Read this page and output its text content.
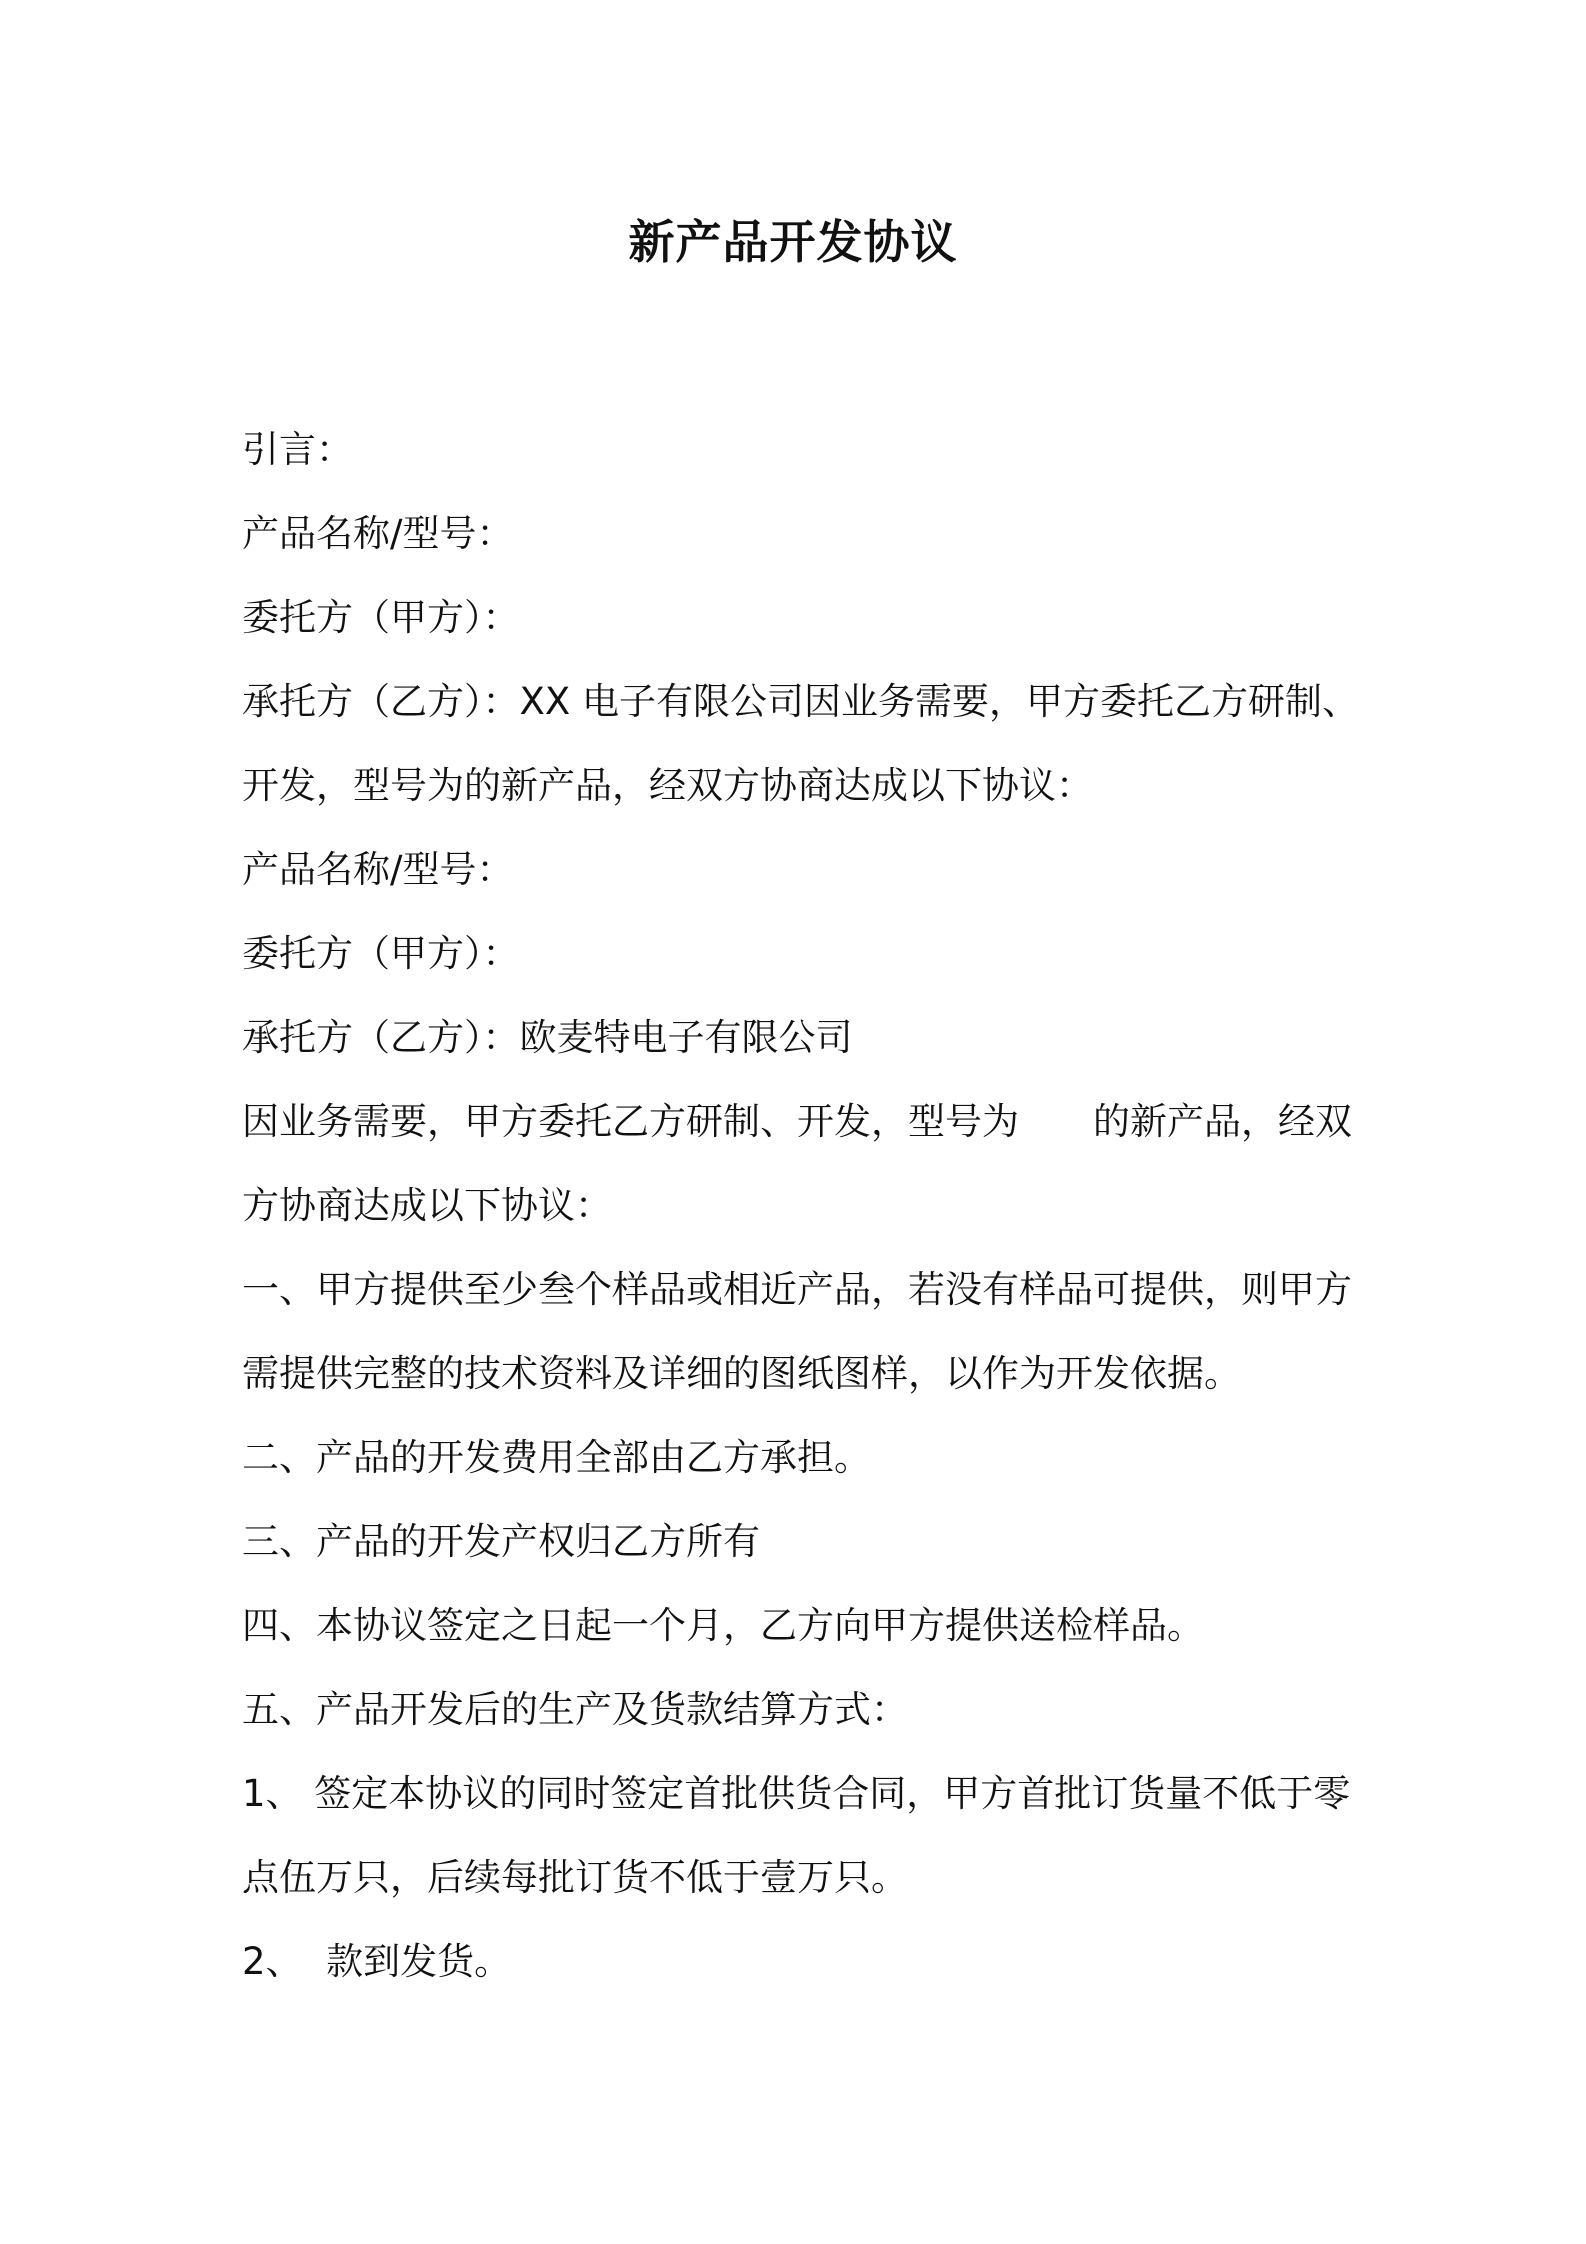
新产品开发协议
引言：
产品名称/型号：
委托方（甲方）：
承托方（乙方）：XX 电子有限公司因业务需要，甲方委托乙方研制、
开发，型号为的新产品，经双方协商达成以下协议：
产品名称/型号：
委托方（甲方）：
承托方（乙方）：欧麦特电子有限公司
因业务需要，甲方委托乙方研制、开发，型号为　　的新产品，经双
方协商达成以下协议：
一、甲方提供至少叁个样品或相近产品，若没有样品可提供，则甲方
需提供完整的技术资料及详细的图纸图样，以作为开发依据。
二、产品的开发费用全部由乙方承担。
三、产品的开发产权归乙方所有
四、本协议签定之日起一个月，乙方向甲方提供送检样品。
五、产品开发后的生产及货款结算方式：
1、 签定本协议的同时签定首批供货合同，甲方首批订货量不低于零
点伍万只，后续每批订货不低于壹万只。
2、  款到发货。
